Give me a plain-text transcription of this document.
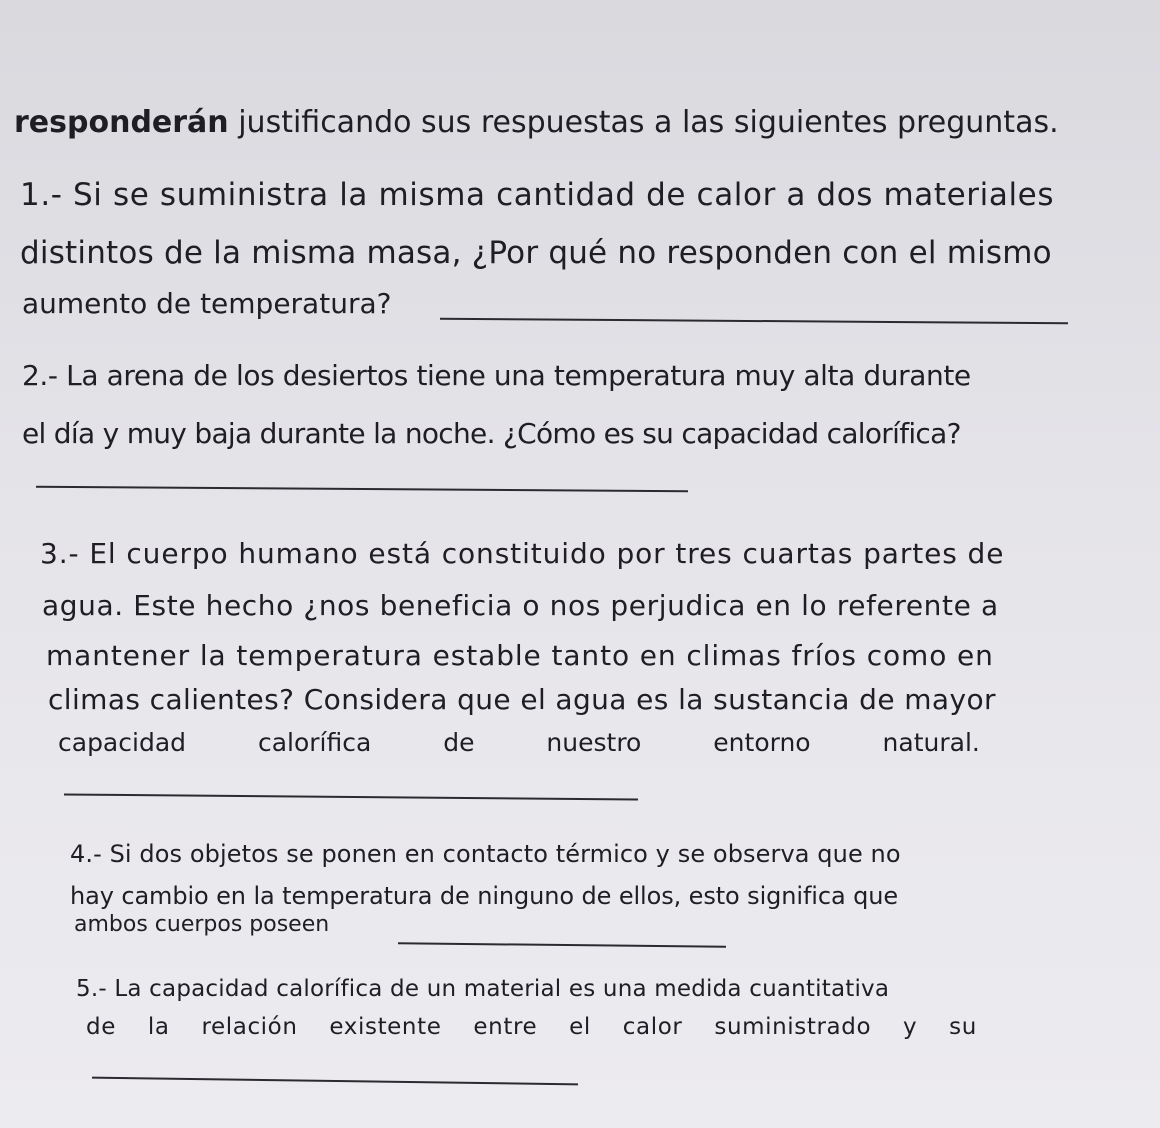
responderán justificando sus respuestas a las siguientes preguntas.
1.- Si se suministra la misma cantidad de calor a dos materiales
distintos de la misma masa, ¿Por qué no responden con el mismo
aumento de temperatura?
2.- La arena de los desiertos tiene una temperatura muy alta durante
el día y muy baja durante la noche. ¿Cómo es su capacidad calorífica?
3.- El cuerpo humano está constituido por tres cuartas partes de
agua. Este hecho ¿nos beneficia o nos perjudica en lo referente a
mantener la temperatura estable tanto en climas fríos como en
climas calientes? Considera que el agua es la sustancia de mayor
capacidad calorífica de nuestro entorno natural.
4.- Si dos objetos se ponen en contacto térmico y se observa que no
hay cambio en la temperatura de ninguno de ellos, esto significa que
ambos cuerpos poseen
5.- La capacidad calorífica de un material es una medida cuantitativa
de la relación existente entre el calor suministrado y su
